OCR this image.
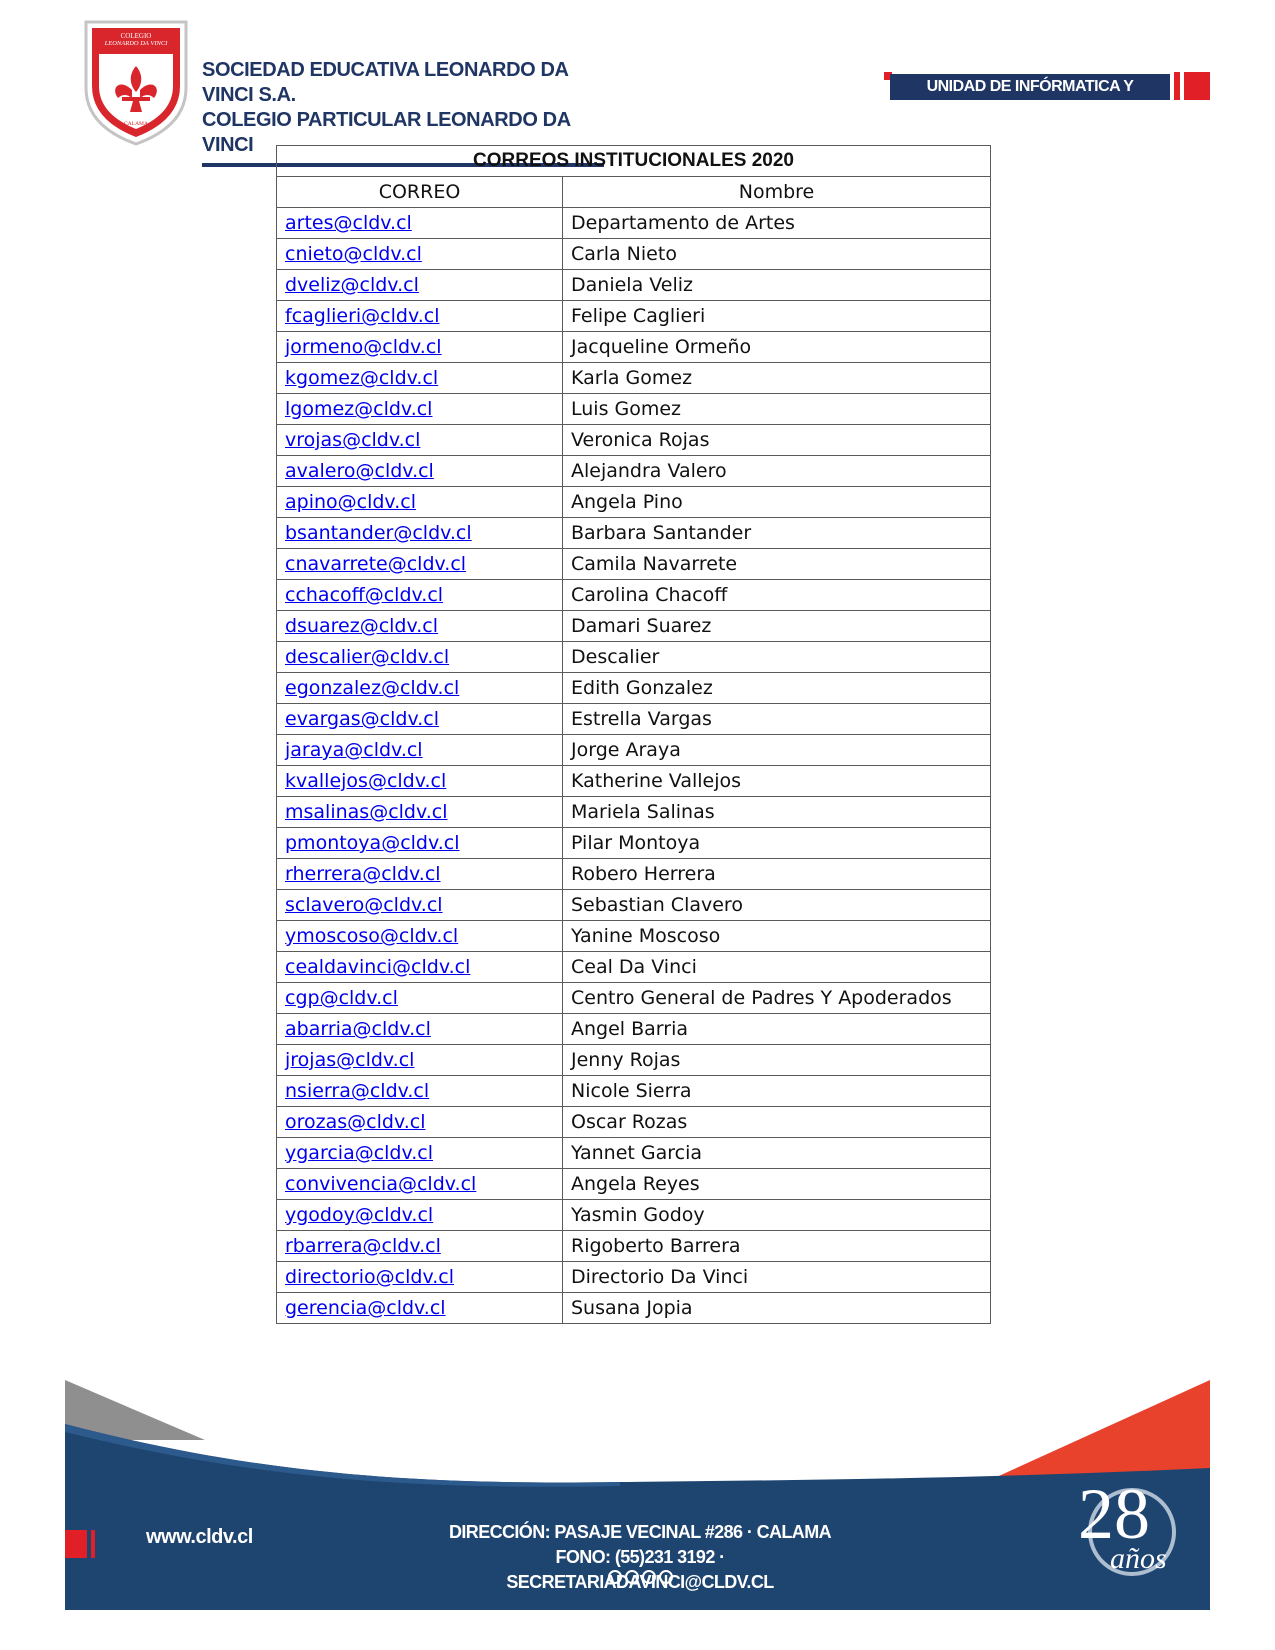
COLEGIO
LEONARDO DA VINCI
CALAMA
SOCIEDAD EDUCATIVA LEONARDO DA VINCI S.A.
COLEGIO PARTICULAR LEONARDO DA VINCI
UNIDAD DE INFÓRMATICA Y SOPORTE
CORREOS INSTITUCIONALES 2020	
CORREO	Nombre
artes@cldv.cl	Departamento de Artes
cnieto@cldv.cl	Carla Nieto
dveliz@cldv.cl	Daniela Veliz
fcaglieri@cldv.cl	Felipe Caglieri
jormeno@cldv.cl	Jacqueline Ormeño
kgomez@cldv.cl	Karla Gomez
lgomez@cldv.cl	Luis Gomez
vrojas@cldv.cl	Veronica Rojas
avalero@cldv.cl	Alejandra Valero
apino@cldv.cl	Angela Pino
bsantander@cldv.cl	Barbara Santander
cnavarrete@cldv.cl	Camila Navarrete
cchacoff@cldv.cl	Carolina Chacoff
dsuarez@cldv.cl	Damari Suarez
descalier@cldv.cl	Descalier
egonzalez@cldv.cl	Edith Gonzalez
evargas@cldv.cl	Estrella Vargas
jaraya@cldv.cl	Jorge Araya
kvallejos@cldv.cl	Katherine Vallejos
msalinas@cldv.cl	Mariela Salinas
pmontoya@cldv.cl	Pilar Montoya
rherrera@cldv.cl	Robero Herrera
sclavero@cldv.cl	Sebastian Clavero
ymoscoso@cldv.cl	Yanine Moscoso
cealdavinci@cldv.cl	Ceal Da Vinci
cgp@cldv.cl	Centro General de Padres Y Apoderados
abarria@cldv.cl	Angel Barria
jrojas@cldv.cl	Jenny Rojas
nsierra@cldv.cl	Nicole Sierra
orozas@cldv.cl	Oscar Rozas
ygarcia@cldv.cl	Yannet Garcia
convivencia@cldv.cl	Angela Reyes
ygodoy@cldv.cl	Yasmin Godoy
rbarrera@cldv.cl	Rigoberto Barrera
directorio@cldv.cl	Directorio Da Vinci
gerencia@cldv.cl	Susana Jopia
www.cldv.cl	DIRECCIÓN: PASAJE VECINAL #286 · CALAMA
FONO: (55)231 3192 · SECRETARIADAVINCI@CLDV.CL
28
años
